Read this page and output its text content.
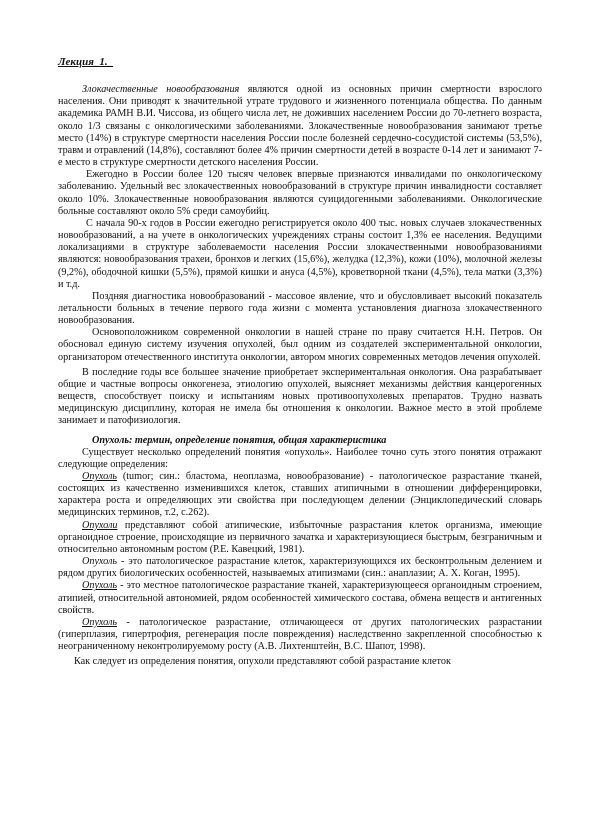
Лекция_1._

Злокачественные новообразования являются одной из основных причин смертности взрослого населения. Они приводят к значительной утрате трудового и жизненного потенциала общества. По данным академика РАМН В.И. Чиссова, из общего числа лет, не доживших населением России до 70-летнего возраста, около 1/3 связаны с онкологическими заболеваниями. Злокачественные новообразования занимают третье место (14%) в структуре смертности населения России после болезней сердечно-сосудистой системы (53,5%), травм и отравлений (14,8%), составляют более 4% причин смертности детей в возрасте 0-14 лет и занимают 7-е место в структуре смертности детского населения России.

Ежегодно в России более 120 тысяч человек впервые признаются инвалидами по онкологическому заболеванию. Удельный вес злокачественных новообразований в структуре причин инвалидности составляет около 10%. Злокачественные новообразования являются суицидогенными заболеваниями. Онкологические больные составляют около 5% среди самоубийц.

С начала 90-х годов в России ежегодно регистрируется около 400 тыс. новых случаев злокачественных новообразований, а на учете в онкологических учреждениях страны состоит 1,3% ее населения. Ведущими локализациями в структуре заболеваемости населения России злокачественными новообразованиями являются: новообразования трахеи, бронхов и легких (15,6%), желудка (12,3%), кожи (10%), молочной железы (9,2%), ободочной кишки (5,5%), прямой кишки и ануса (4,5%), кроветворной ткани (4,5%), тела матки (3,3%) и т.д.

Поздняя диагностика новообразований - массовое явление, что и обусловливает высокий показатель летальности больных в течение первого года жизни с момента установления диагноза злокачественного новообразования.

Основоположником современной онкологии в нашей стране по праву считается Н.Н. Петров. Он обосновал единую систему изучения опухолей, был одним из создателей экспериментальной онкологии, организатором отечественного института онкологии, автором многих современных методов лечения опухолей.

В последние годы все большее значение приобретает экспериментальная онкология. Она разрабатывает общие и частные вопросы онкогенеза, этиологию опухолей, выясняет механизмы действия канцерогенных веществ, способствует поиску и испытаниям новых противоопухолевых препаратов. Трудно назвать медицинскую дисциплину, которая не имела бы отношения к онкологии. Важное место в этой проблеме занимает и патофизиология.

Опухоль: термин, определение понятия, общая характеристика

Существует несколько определений понятия «опухоль». Наиболее точно суть этого понятия отражают следующие определения:

Опухоль (tumor; син.: бластома, неоплазма, новообразование) - патологическое разрастание тканей, состоящих из качественно изменившихся клеток, ставших атипичными в отношении дифференцировки, характера роста и определяющих эти свойства при последующем делении (Энциклопедический словарь медицинских терминов, т.2, с.262).

Опухоли представляют собой атипические, избыточные разрастания клеток организма, имеющие органоидное строение, происходящие из первичного зачатка и характеризующиеся быстрым, безграничным и относительно автономным ростом (Р.Е. Кавецкий, 1981).

Опухоль - это патологическое разрастание клеток, характеризующихся их бесконтрольным делением и рядом других биологических особенностей, называемых атипизмами (син.: анаплазии; А. Х. Коган, 1995).

Опухоль - это местное патологическое разрастание тканей, характеризующееся органоидным строением, атипией, относительной автономией, рядом особенностей химического состава, обмена веществ и антигенных свойств.

Опухоль - патологическое разрастание, отличающееся от других патологических разрастании (гиперплазия, гипертрофия, регенерация после повреждения) наследственно закрепленной способностью к неограниченному неконтролируемому росту (А.В. Лихтенштейн, В.С. Шапот, 1998).

Как следует из определения понятия, опухоли представляют собой разрастание клеток
